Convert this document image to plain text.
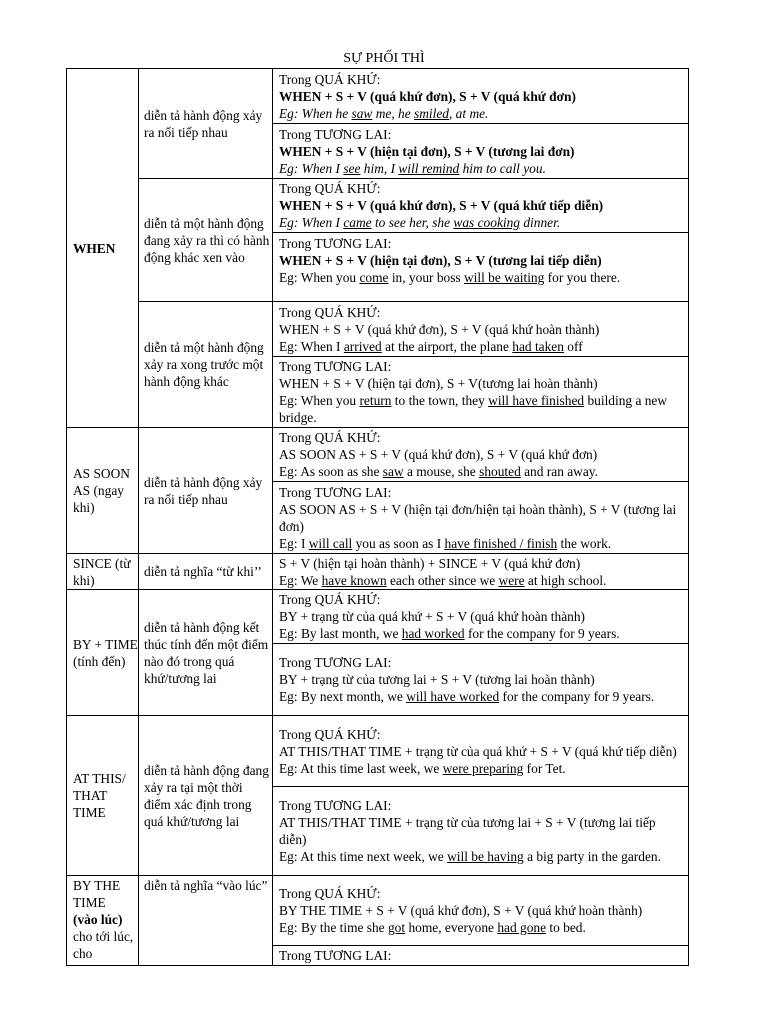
SỰ PHỐI THÌ
WHEN	diễn tả hành động xảy ra nối tiếp nhau	Trong QUÁ KHỨ:
WHEN + S + V (quá khứ đơn), S + V (quá khứ đơn)
Eg: When he saw me, he smiled, at me.

		Trong TƯƠNG LAI:
WHEN + S + V (hiện tại đơn), S + V (tương lai đơn)
Eg: When I see him, I will remind him to call you.

	diễn tả một hành động đang xảy ra thì có hành động khác xen vào	Trong QUÁ KHỨ:
WHEN + S + V (quá khứ đơn), S + V (quá khứ tiếp diễn)
Eg: When I came to see her, she was cooking dinner.

		Trong TƯƠNG LAI:
WHEN + S + V (hiện tại đơn), S + V (tương lai tiếp diễn)
Eg: When you come in, your boss will be waiting for you there.

	diễn tả một hành động xảy ra xong trước một hành động khác	Trong QUÁ KHỨ:
WHEN + S + V (quá khứ đơn), S + V (quá khứ hoàn thành)
Eg: When I arrived at the airport, the plane had taken off

		Trong TƯƠNG LAI:
WHEN + S + V (hiện tại đơn), S + V(tương lai hoàn thành)
Eg: When you return to the town, they will have finished building a new bridge.

AS SOON AS (ngay khi)	diễn tả hành động xảy ra nối tiếp nhau	Trong QUÁ KHỨ:
AS SOON AS + S + V (quá khứ đơn), S + V (quá khứ đơn)
Eg: As soon as she saw a mouse, she shouted and ran away.

		Trong TƯƠNG LAI:
AS SOON AS + S + V (hiện tại đơn/hiện tại hoàn thành), S + V (tương lai đơn)
Eg: I will call you as soon as I have finished / finish the work.

SINCE (từ khi)	diễn tả nghĩa “từ khi’’	S + V (hiện tại hoàn thành) + SINCE + V (quá khứ đơn)
Eg: We have known each other since we were at high school.

BY + TIME (tính đến)	diễn tả hành động kết thúc tính đến một điểm nào đó trong quá khứ/tương lai	Trong QUÁ KHỨ:
BY + trạng từ của quá khứ + S + V (quá khứ hoàn thành)
Eg: By last month, we had worked for the company for 9 years.

		Trong TƯƠNG LAI:
BY + trạng từ của tương lai + S + V (tương lai hoàn thành)
Eg: By next month, we will have worked for the company for 9 years.

AT THIS/ THAT TIME	diễn tả hành động đang xảy ra tại một thời điểm xác định trong quá khứ/tương lai	Trong QUÁ KHỨ:
AT THIS/THAT TIME + trạng từ của quá khứ + S + V (quá khứ tiếp diễn)
Eg: At this time last week, we were preparing for Tet.

		Trong TƯƠNG LAI:
AT THIS/THAT TIME + trạng từ của tương lai + S + V (tương lai tiếp diễn)
Eg: At this time next week, we will be having a big party in the garden.

BY THE TIME
(vào lúc)
cho tới lúc, cho	diễn tả nghĩa “vào lúc”	Trong QUÁ KHỨ:
BY THE TIME + S + V (quá khứ đơn), S + V (quá khứ hoàn thành)
Eg: By the time she got home, everyone had gone to bed.

		Trong TƯƠNG LAI:
